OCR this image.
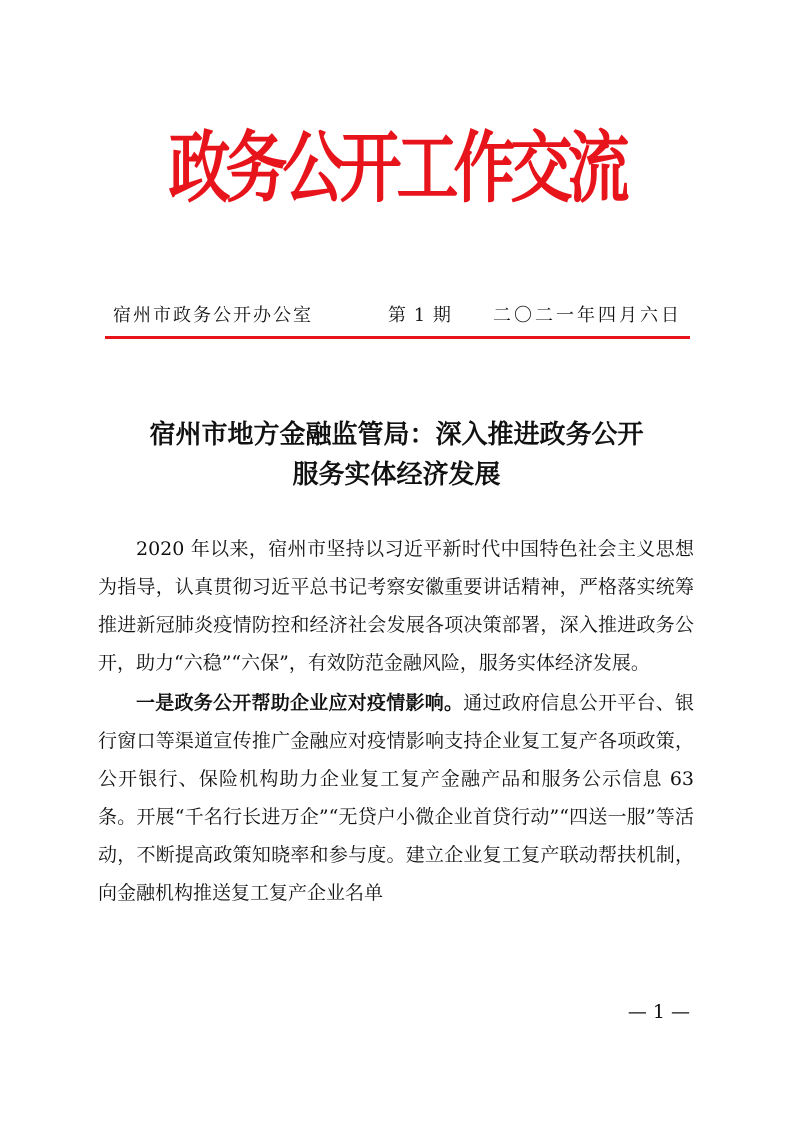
政务公开工作交流
宿州市政务公开办公室	第 1 期 二〇二一年四月六日
宿州市地方金融监管局：深入推进政务公开
服务实体经济发展

2020 年以来，宿州市坚持以习近平新时代中国特色社会主义思想为指导，认真贯彻习近平总书记考察安徽重要讲话精神，严格落实统筹推进新冠肺炎疫情防控和经济社会发展各项决策部署，深入推进政务公开，助力“六稳”“六保”，有效防范金融风险，服务实体经济发展。

一是政务公开帮助企业应对疫情影响。通过政府信息公开平台、银行窗口等渠道宣传推广金融应对疫情影响支持企业复工复产各项政策，公开银行、保险机构助力企业复工复产金融产品和服务公示信息 63 条。开展“千名行长进万企”“无贷户小微企业首贷行动”“四送一服”等活动，不断提高政策知晓率和参与度。建立企业复工复产联动帮扶机制，向金融机构推送复工复产企业名单

— 1 —
